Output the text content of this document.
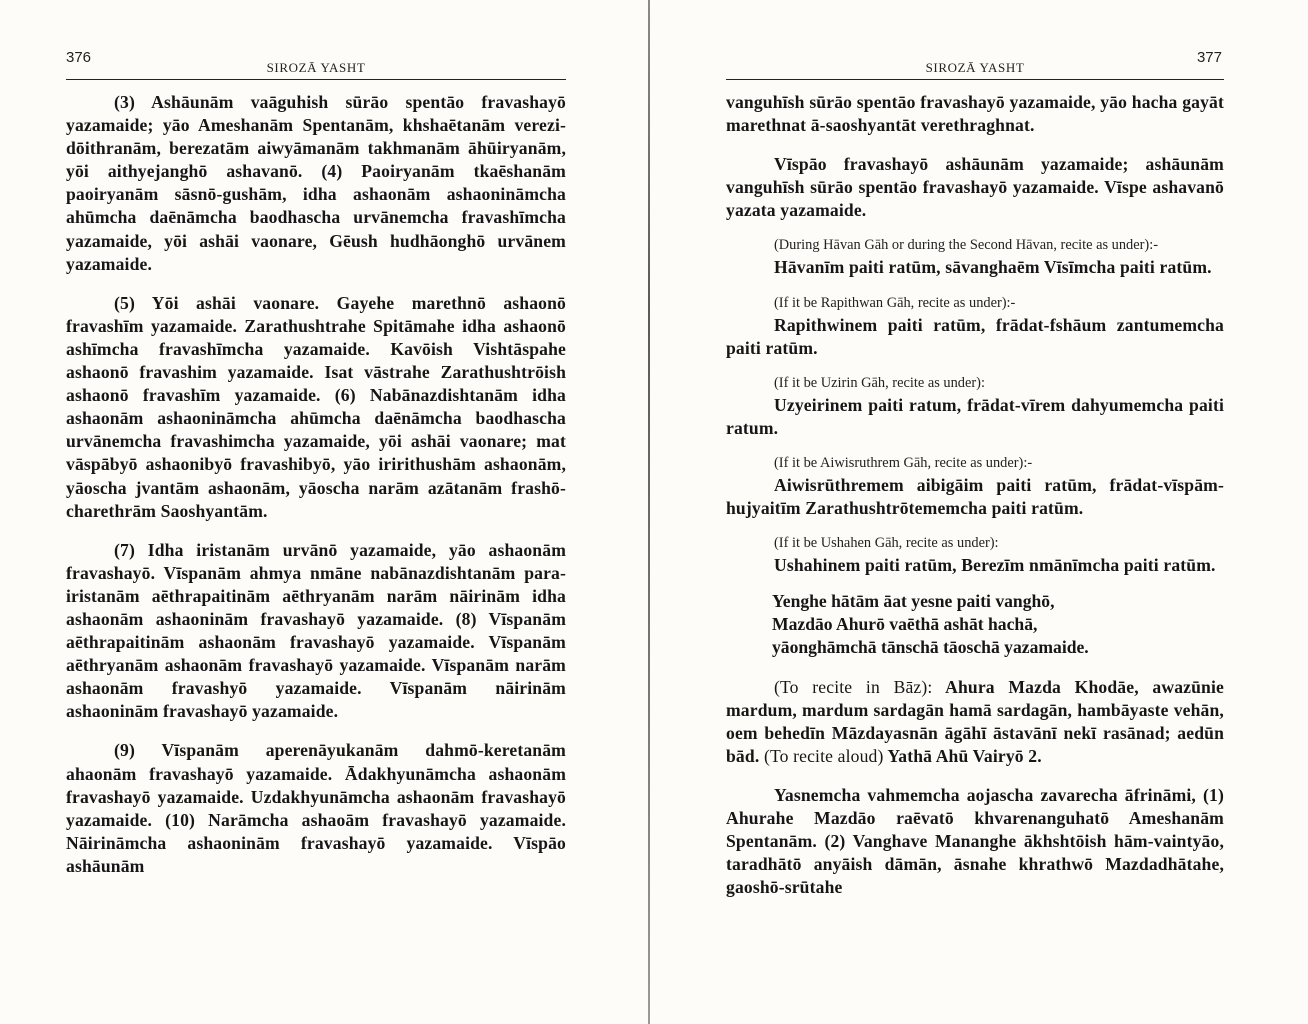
376
SIROZĀ YASHT

(3) Ashāunām vaāguhish sūrāo spentāo fravashayō yazamaide; yāo Ameshanām Spentanām, khshaētanām verezi-dōithranām, berezatām aiwyāmanām takhmanām āhūiryanām, yōi aithyejanghō ashavanō. (4) Paoiryanām tkaēshanām paoiryanām sāsnō-gushām, idha ashaonām ashaonināmcha ahūmcha daēnāmcha baodhascha urvānemcha fravashīmcha yazamaide, yōi ashāi vaonare, Gēush hudhāonghō urvānem yazamaide.

(5) Yōi ashāi vaonare. Gayehe marethnō ashaonō fravashīm yazamaide. Zarathushtrahe Spitāmahe idha ashaonō ashīmcha fravashīmcha yazamaide. Kavōish Vishtāspahe ashaonō fravashim yazamaide. Isat vāstrahe Zarathushtrōish ashaonō fravashīm yazamaide. (6) Nabānazdishtanām idha ashaonām ashaonināmcha ahūmcha daēnāmcha baodhascha urvānemcha fravashimcha yazamaide, yōi ashāi vaonare; mat vāspābyō ashaonibyō fravashibyō, yāo iririthushām ashaonām, yāoscha jvantām ashaonām, yāoscha narām azātanām frashō-charethrām Saoshyantām.

(7) Idha iristanām urvānō yazamaide, yāo ashaonām fravashayō. Vīspanām ahmya nmāne nabānazdishtanām para-iristanām aēthrapaitinām aēthryanām narām nāirinām idha ashaonām ashaoninām fravashayō yazamaide. (8) Vīspanām aēthrapaitinām ashaonām fravashayō yazamaide. Vīspanām aēthryanām ashaonām fravashayō yazamaide. Vīspanām narām ashaonām fravashyō yazamaide. Vīspanām nāirinām ashaoninām fravashayō yazamaide.

(9) Vīspanām aperenāyukanām dahmō-keretanām ahaonām fravashayō yazamaide. Ādakhyunāmcha ashaonām fravashayō yazamaide. Uzdakhyunāmcha ashaonām fravashayō yazamaide. (10) Narāmcha ashaoām fravashayō yazamaide. Nāirināmcha ashaoninām fravashayō yazamaide. Vīspāo ashāunām

377
SIROZĀ YASHT

vanguhīsh sūrāo spentāo fravashayō yazamaide, yāo hacha gayāt marethnat ā-saoshyantāt verethraghnat.

Vīspāo fravashayō ashāunām yazamaide; ashāunām vanguhīsh sūrāo spentāo fravashayō yazamaide. Vīspe ashavanō yazata yazamaide.

(During Hāvan Gāh or during the Second Hāvan, recite as under):-

Hāvanīm paiti ratūm, sāvanghaēm Vīsīmcha paiti ratūm.

(If it be Rapithwan Gāh, recite as under):-

Rapithwinem paiti ratūm, frādat-fshāum zantumemcha paiti ratūm.

(If it be Uzirin Gāh, recite as under):

Uzyeirinem paiti ratum, frādat-vīrem dahyumemcha paiti ratum.

(If it be Aiwisruthrem Gāh, recite as under):-

Aiwisrūthremem aibigāim paiti ratūm, frādat-vīspām-hujyaitīm Zarathushtrōtememcha paiti ratūm.

(If it be Ushahen Gāh, recite as under):

Ushahinem paiti ratūm, Berezīm nmānīmcha paiti ratūm.

Yenghe hātām āat yesne paiti vanghō,
Mazdāo Ahurō vaēthā ashāt hachā,
yāonghāmchā tānschā tāoschā yazamaide.

(To recite in Bāz): Ahura Mazda Khodāe, awazūnie mardum, mardum sardagān hamā sardagān, hambāyaste vehān, oem behedīn Māzdayasnān āgāhī āstavānī nekī rasānad; aedūn bād. (To recite aloud) Yathā Ahū Vairyō 2.

Yasnemcha vahmemcha aojascha zavarecha āfrināmi, (1) Ahurahe Mazdāo raēvatō khvarenanguhatō Ameshanām Spentanām. (2) Vanghave Mananghe ākhshtōish hām-vaintyāo, taradhātō anyāish dāmān, āsnahe khrathwō Mazdadhātahe, gaoshō-srūtahe
